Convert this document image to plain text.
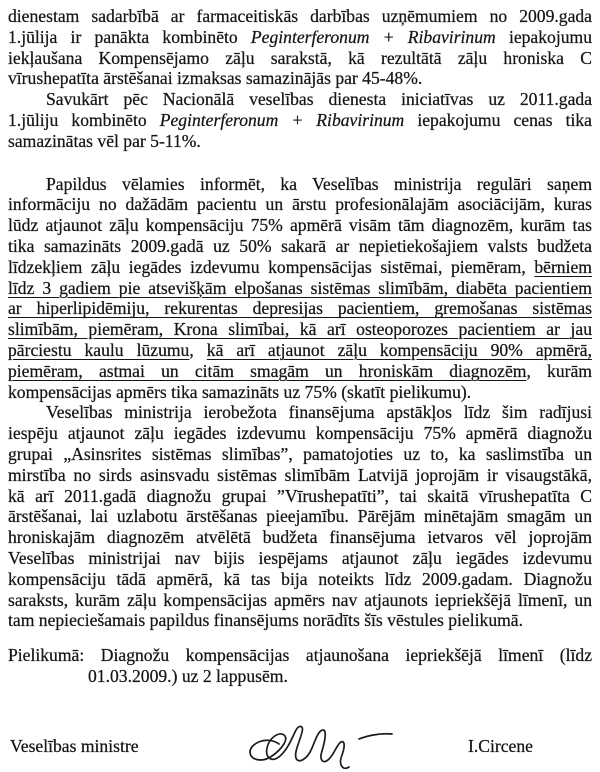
dienestam sadarbībā ar farmaceitiskās darbības uzņēmumiem no 2009.gada
1.jūlija ir panākta kombinēto Peginterferonum + Ribavirinum iepakojumu
iekļaušana Kompensējamo zāļu sarakstā, kā rezultātā zāļu hroniska C
vīrushepatīta ārstēšanai izmaksas samazinājās par 45-48%.
Savukārt pēc Nacionālā veselības dienesta iniciatīvas uz 2011.gada
1.jūliju kombinēto Peginterferonum + Ribavirinum iepakojumu cenas tika
samazinātas vēl par 5-11%.
Papildus vēlamies informēt, ka Veselības ministrija regulāri saņem
informāciju no dažādām pacientu un ārstu profesionālajām asociācijām, kuras
lūdz atjaunot zāļu kompensāciju 75% apmērā visām tām diagnozēm, kurām tas
tika samazināts 2009.gadā uz 50% sakarā ar nepietiekošajiem valsts budžeta
līdzekļiem zāļu iegādes izdevumu kompensācijas sistēmai, piemēram, bērniem
līdz 3 gadiem pie atsevišķām elpošanas sistēmas slimībām, diabēta pacientiem
ar hiperlipidēmiju, rekurentas depresijas pacientiem, gremošanas sistēmas
slimībām, piemēram, Krona slimībai, kā arī osteoporozes pacientiem ar jau
pārciestu kaulu lūzumu, kā arī atjaunot zāļu kompensāciju 90% apmērā,
piemēram, astmai un citām smagām un hroniskām diagnozēm, kurām
kompensācijas apmērs tika samazināts uz 75% (skatīt pielikumu).
Veselības ministrija ierobežota finansējuma apstākļos līdz šim radījusi
iespēju atjaunot zāļu iegādes izdevumu kompensāciju 75% apmērā diagnožu
grupai „Asinsrites sistēmas slimības”, pamatojoties uz to, ka saslimstība un
mirstība no sirds asinsvadu sistēmas slimībām Latvijā joprojām ir visaugstākā,
kā arī 2011.gadā diagnožu grupai ”Vīrushepatīti”, tai skaitā vīrushepatīta C
ārstēšanai, lai uzlabotu ārstēšanas pieejamību. Pārējām minētajām smagām un
hroniskajām diagnozēm atvēlētā budžeta finansējuma ietvaros vēl joprojām
Veselības ministrijai nav bijis iespējams atjaunot zāļu iegādes izdevumu
kompensāciju tādā apmērā, kā tas bija noteikts līdz 2009.gadam. Diagnožu
saraksts, kurām zāļu kompensācijas apmērs nav atjaunots iepriekšējā līmenī, un
tam nepieciešamais papildus finansējums norādīts šīs vēstules pielikumā.
Pielikumā: Diagnožu kompensācijas atjaunošana iepriekšējā līmenī (līdz
01.03.2009.) uz 2 lappusēm.
Veselības ministre	I.Circene
